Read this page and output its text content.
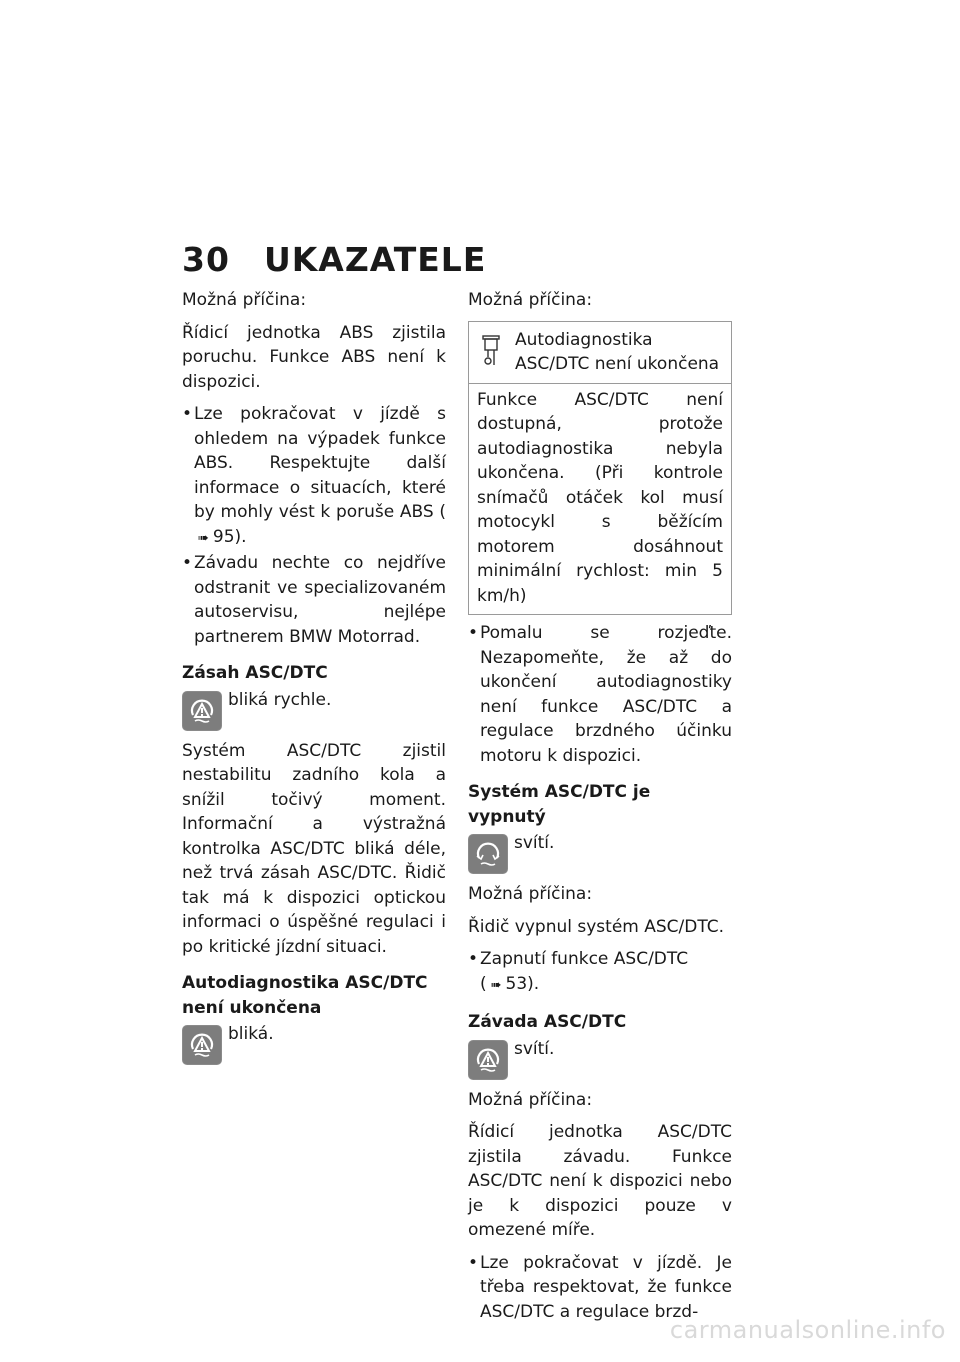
30 UKAZATELE

Možná příčina:

Řídicí jednotka ABS zjistila poruchu. Funkce ABS není k dispozici.

• Lze pokračovat v jízdě s ohledem na výpadek funkce ABS. Respektujte další informace o situacích, které by mohly vést k poruše ABS (➠ 95).
• Závadu nechte co nejdříve odstranit ve specializovaném autoservisu, nejlépe partnerem BMW Motorrad.
Zásah ASC/DTC
bliká rychle.

Systém ASC/DTC zjistil nestabilitu zadního kola a snížil točivý moment. Informační a výstražná kontrolka ASC/DTC bliká déle, než trvá zásah ASC/DTC. Řidič tak má k dispozici optickou informaci o úspěšné regulaci i po kritické jízdní situaci.

Autodiagnostika ASC/DTC není ukončena
bliká.

Možná příčina:

Autodiagnostika ASC/DTC není ukončena
Funkce ASC/DTC není dostupná, protože autodiagnostika nebyla ukončena. (Při kontrole snímačů otáček kol musí motocykl s běžícím motorem dosáhnout minimální rychlost: min 5 km/h)
• Pomalu se rozjeďte. Nezapomeňte, že až do ukončení autodiagnostiky není funkce ASC/DTC a regulace brzdného účinku motoru k dispozici.
Systém ASC/DTC je vypnutý
svítí.

Možná příčina:

Řidič vypnul systém ASC/DTC.

• Zapnutí funkce ASC/DTC
( ➠ 53).
Závada ASC/DTC
svítí.

Možná příčina:

Řídicí jednotka ASC/DTC zjistila závadu. Funkce ASC/DTC není k dispozici nebo je k dispozici pouze v omezené míře.

• Lze pokračovat v jízdě. Je třeba respektovat, že funkce ASC/DTC a regulace brzd-
carmanualsonline.info
